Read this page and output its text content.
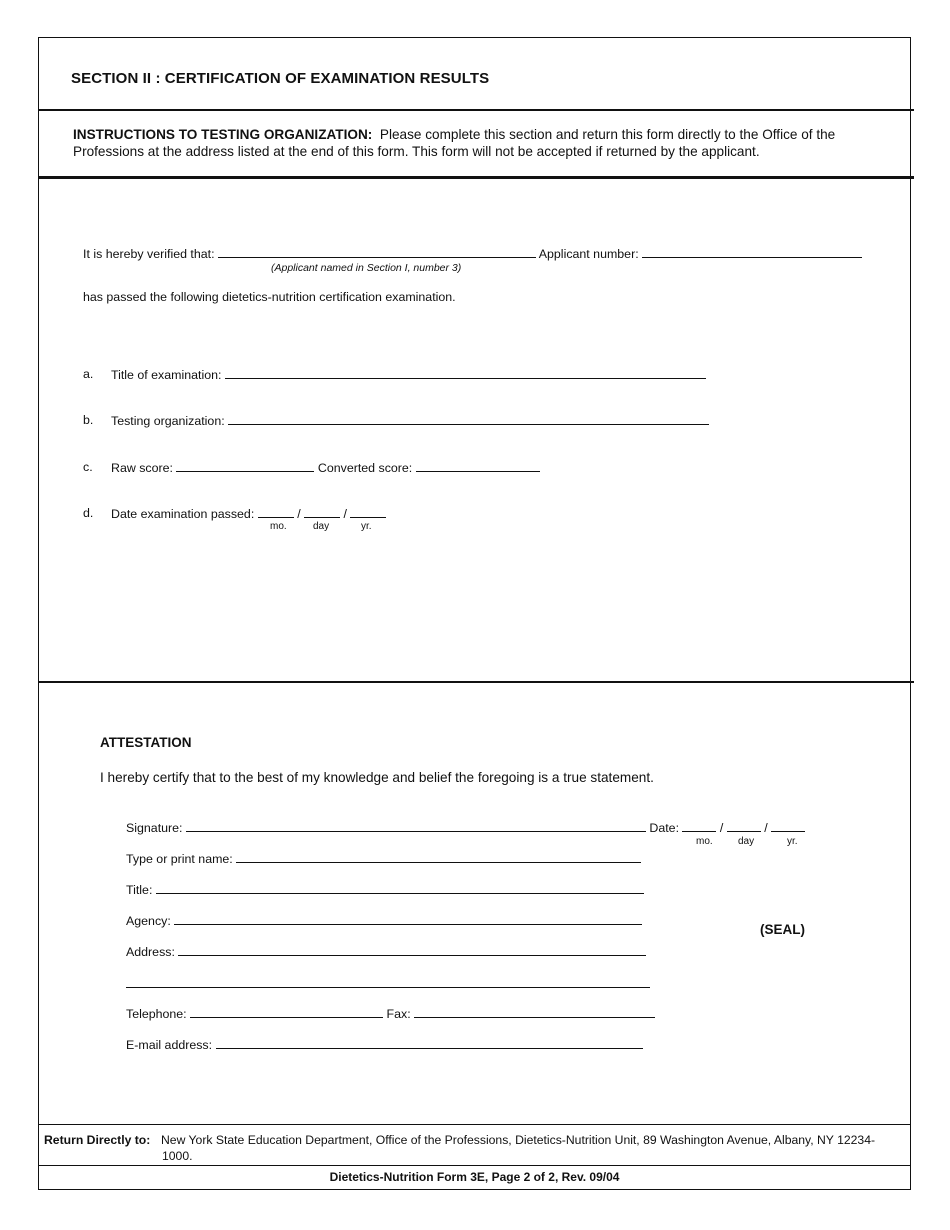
SECTION II : CERTIFICATION OF EXAMINATION RESULTS
INSTRUCTIONS TO TESTING ORGANIZATION: Please complete this section and return this form directly to the Office of the Professions at the address listed at the end of this form. This form will not be accepted if returned by the applicant.
It is hereby verified that:	Applicant number:
(Applicant named in Section I, number 3)
has passed the following dietetics-nutrition certification examination.
a. Title of examination:
b. Testing organization:
c. Raw score:	Converted score:
d. Date examination passed:	/	/
mo.	day	yr.
ATTESTATION
I hereby certify that to the best of my knowledge and belief the foregoing is a true statement.
Signature:	Date:	/	/
mo.	day	yr.
Type or print name:
Title:
Agency:
Address:
Telephone:	Fax:
E-mail address:
(SEAL)
Return Directly to: New York State Education Department, Office of the Professions, Dietetics-Nutrition Unit, 89 Washington Avenue, Albany, NY 12234-
1000.
Dietetics-Nutrition Form 3E, Page 2 of 2, Rev. 09/04
